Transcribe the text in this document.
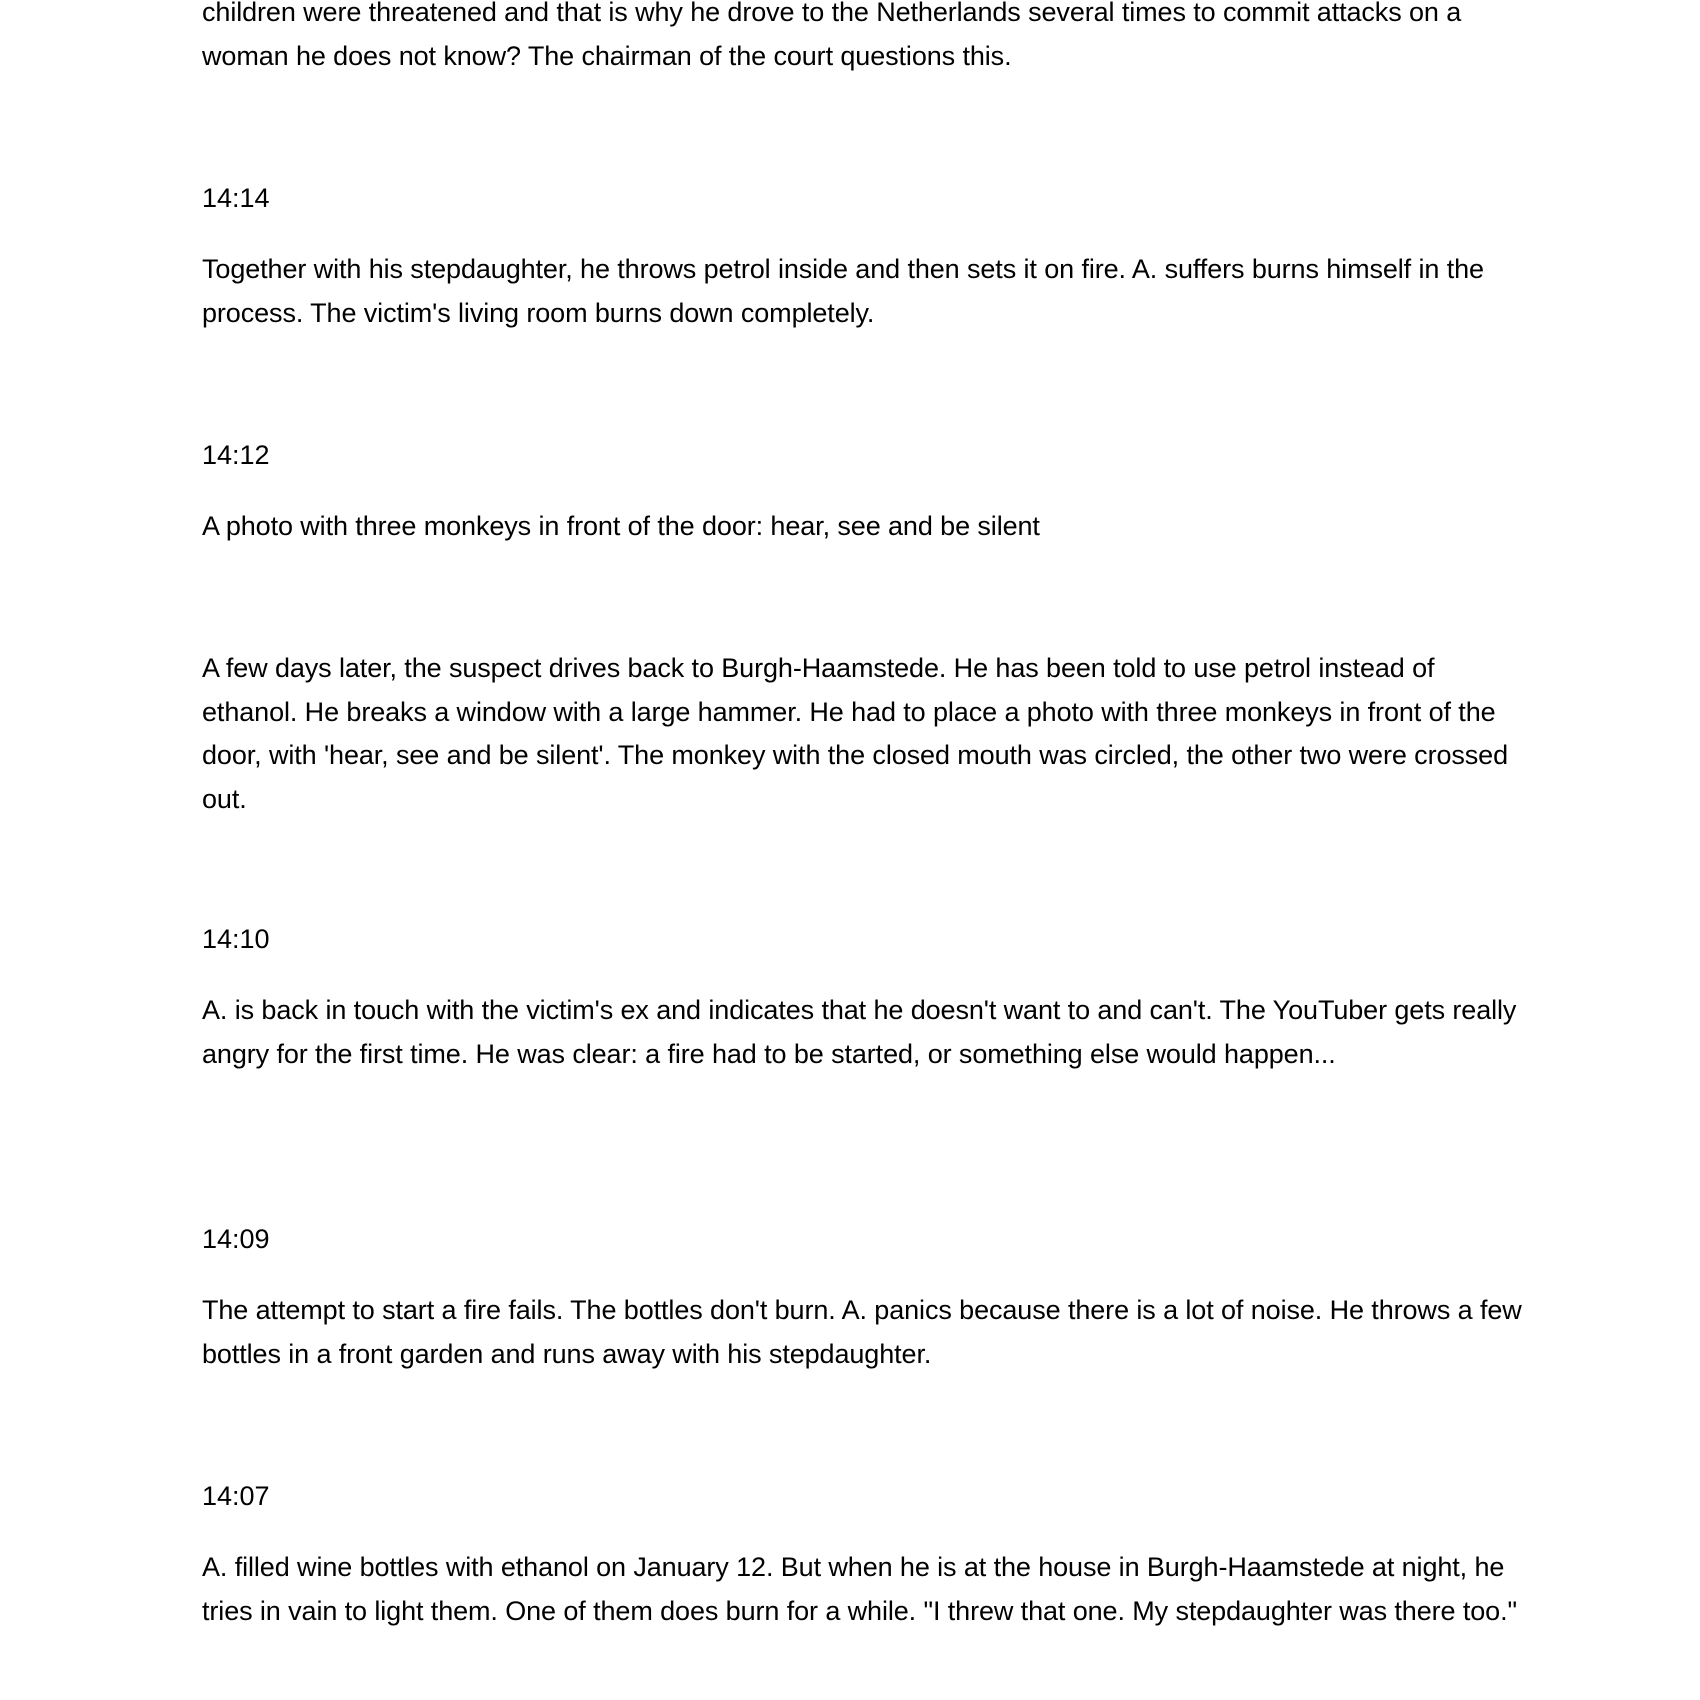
children were threatened and that is why he drove to the Netherlands several times to commit attacks on a woman he does not know? The chairman of the court questions this.

14:14

Together with his stepdaughter, he throws petrol inside and then sets it on fire. A. suffers burns himself in the process. The victim's living room burns down completely.

14:12

A photo with three monkeys in front of the door: hear, see and be silent

A few days later, the suspect drives back to Burgh-Haamstede. He has been told to use petrol instead of ethanol. He breaks a window with a large hammer. He had to place a photo with three monkeys in front of the door, with 'hear, see and be silent'. The monkey with the closed mouth was circled, the other two were crossed out.

14:10

A. is back in touch with the victim's ex and indicates that he doesn't want to and can't. The YouTuber gets really angry for the first time. He was clear: a fire had to be started, or something else would happen...

14:09

The attempt to start a fire fails. The bottles don't burn. A. panics because there is a lot of noise. He throws a few bottles in a front garden and runs away with his stepdaughter.

14:07

A. filled wine bottles with ethanol on January 12. But when he is at the house in Burgh-Haamstede at night, he tries in vain to light them. One of them does burn for a while. "I threw that one. My stepdaughter was there too."
